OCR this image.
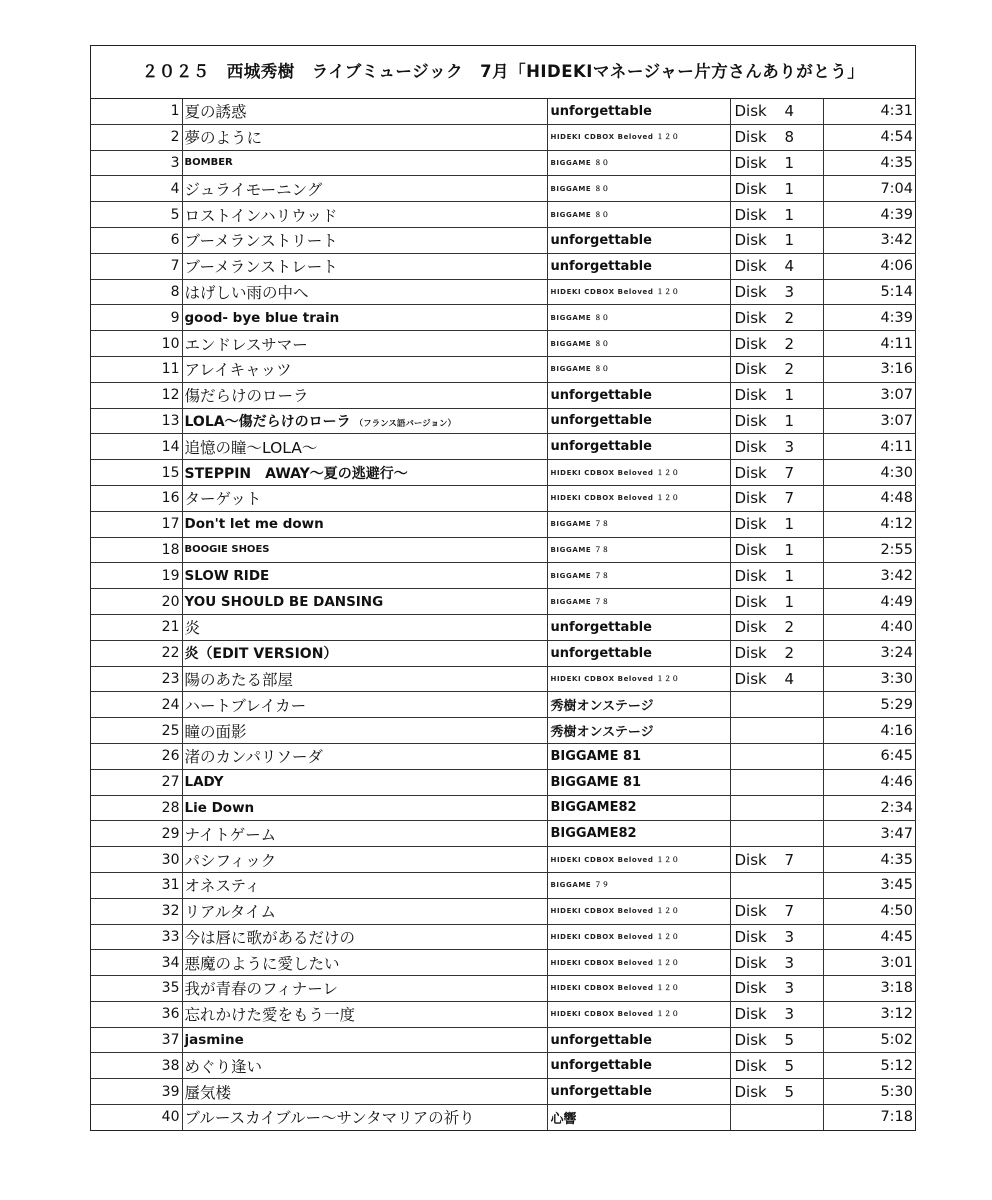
２０２５　西城秀樹　ライブミュージック　7月「HIDEKIマネージャー片方さんありがとう」
1	夏の誘惑	unforgettable	Disk 4	4:31
2	夢のように	HIDEKI CDBOX Beloved １２０	Disk 8	4:54
3	BOMBER	BIGGAME ８０	Disk 1	4:35
4	ジュライモーニング	BIGGAME ８０	Disk 1	7:04
5	ロストインハリウッド	BIGGAME ８０	Disk 1	4:39
6	ブーメランストリート	unforgettable	Disk 1	3:42
7	ブーメランストレート	unforgettable	Disk 4	4:06
8	はげしい雨の中へ	HIDEKI CDBOX Beloved １２０	Disk 3	5:14
9	good- bye blue train	BIGGAME ８０	Disk 2	4:39
10	エンドレスサマー	BIGGAME ８０	Disk 2	4:11
11	アレイキャッツ	BIGGAME ８０	Disk 2	3:16
12	傷だらけのローラ	unforgettable	Disk 1	3:07
13	LOLA～傷だらけのローラ （フランス語バージョン）	unforgettable	Disk 1	3:07
14	追憶の瞳～LOLA～	unforgettable	Disk 3	4:11
15	STEPPIN　AWAY～夏の逃避行～	HIDEKI CDBOX Beloved １２０	Disk 7	4:30
16	ターゲット	HIDEKI CDBOX Beloved １２０	Disk 7	4:48
17	Don't let me down	BIGGAME ７８	Disk 1	4:12
18	BOOGIE SHOES	BIGGAME ７８	Disk 1	2:55
19	SLOW RIDE	BIGGAME ７８	Disk 1	3:42
20	YOU SHOULD BE DANSING	BIGGAME ７８	Disk 1	4:49
21	炎	unforgettable	Disk 2	4:40
22	炎（EDIT VERSION）	unforgettable	Disk 2	3:24
23	陽のあたる部屋	HIDEKI CDBOX Beloved １２０	Disk 4	3:30
24	ハートブレイカー	秀樹オンステージ		5:29
25	瞳の面影	秀樹オンステージ		4:16
26	渚のカンパリソーダ	BIGGAME 81		6:45
27	LADY	BIGGAME 81		4:46
28	Lie Down	BIGGAME82		2:34
29	ナイトゲーム	BIGGAME82		3:47
30	パシフィック	HIDEKI CDBOX Beloved １２０	Disk 7	4:35
31	オネスティ	BIGGAME ７９		3:45
32	リアルタイム	HIDEKI CDBOX Beloved １２０	Disk 7	4:50
33	今は唇に歌があるだけの	HIDEKI CDBOX Beloved １２０	Disk 3	4:45
34	悪魔のように愛したい	HIDEKI CDBOX Beloved １２０	Disk 3	3:01
35	我が青春のフィナーレ	HIDEKI CDBOX Beloved １２０	Disk 3	3:18
36	忘れかけた愛をもう一度	HIDEKI CDBOX Beloved １２０	Disk 3	3:12
37	jasmine	unforgettable	Disk 5	5:02
38	めぐり逢い	unforgettable	Disk 5	5:12
39	蜃気楼	unforgettable	Disk 5	5:30
40	ブルースカイブルー～サンタマリアの祈り	心響		7:18
